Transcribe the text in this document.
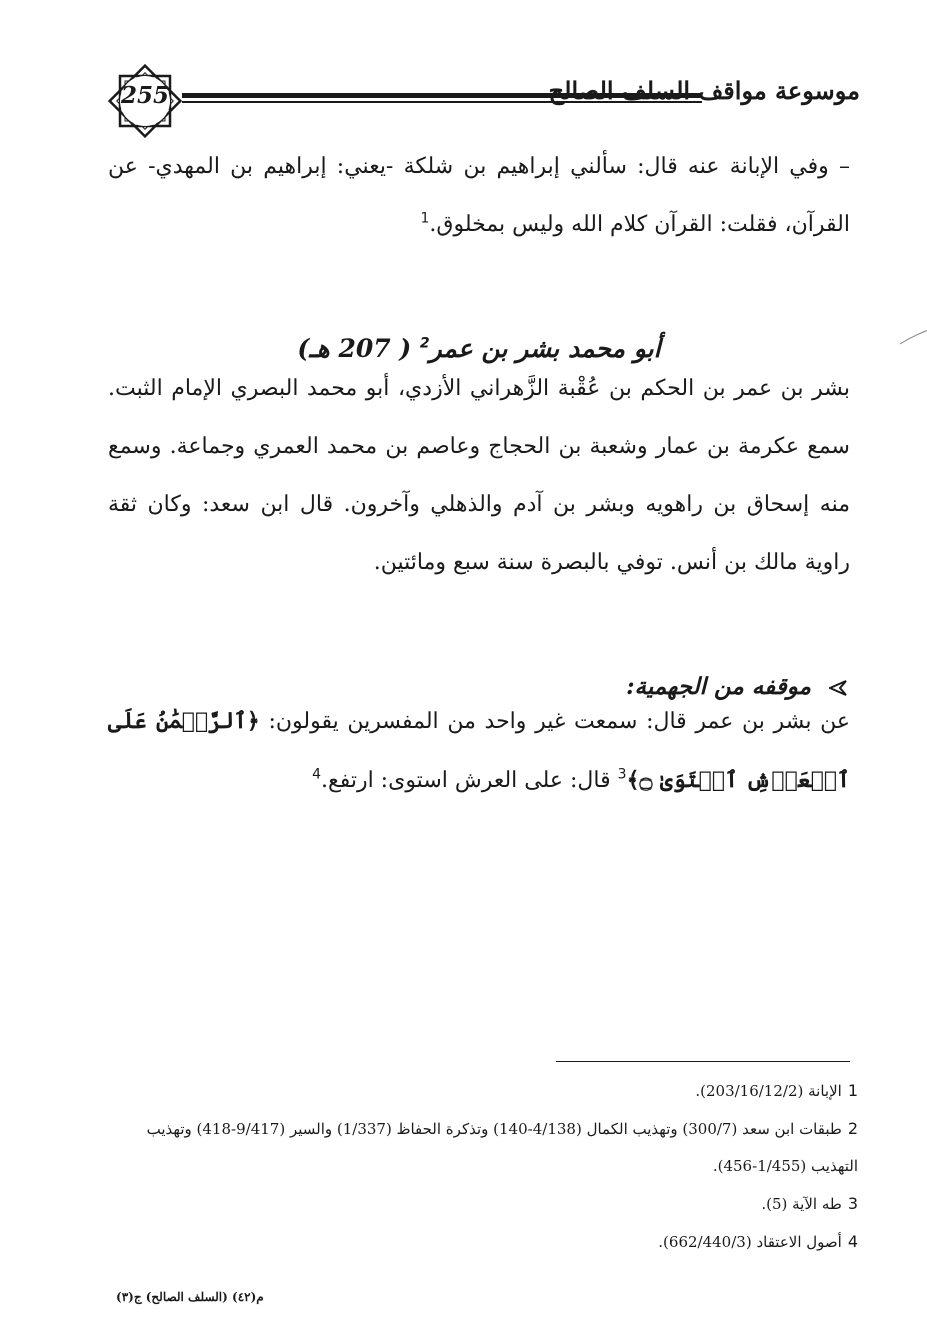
255	موسوعة مواقف السلف الصالح

– وفي الإبانة عنه قال: سألني إبراهيم بن شلكة -يعني: إبراهيم بن المهدي- عن القرآن، فقلت: القرآن كلام الله وليس بمخلوق.$^1$

أبو محمد بشر بن عمر$^2$ ( 207 هـ)

بشر بن عمر بن الحكم بن عُقْبة الزَّهراني الأزدي، أبو محمد البصري الإمام الثبت. سمع عكرمة بن عمار وشعبة بن الحجاج وعاصم بن محمد العمري وجماعة. وسمع منه إسحاق بن راهويه وبشر بن آدم والذهلي وآخرون. قال ابن سعد: وكان ثقة راوية مالك بن أنس. توفي بالبصرة سنة سبع ومائتين.

موقفه من الجهمية:

عن بشر بن عمر قال: سمعت غير واحد من المفسرين يقولون: ﴿ٱلرَّحۡمَٰنُ عَلَى ٱلۡعَرۡشِ ٱسۡتَوَىٰ ۝﴾$^3$ قال: على العرش استوى: ارتفع.$^4$

1الإبانة (203/16/12/2).

2طبقات ابن سعد (300/7) وتهذيب الكمال (4/138-140) وتذكرة الحفاظ (1/337) والسير (9/417-418) وتهذيب التهذيب (1/455-456).

3طه الآية (5).

4أصول الاعتقاد (662/440/3).

م(٤٢) (السلف الصالح) ج(٣)
